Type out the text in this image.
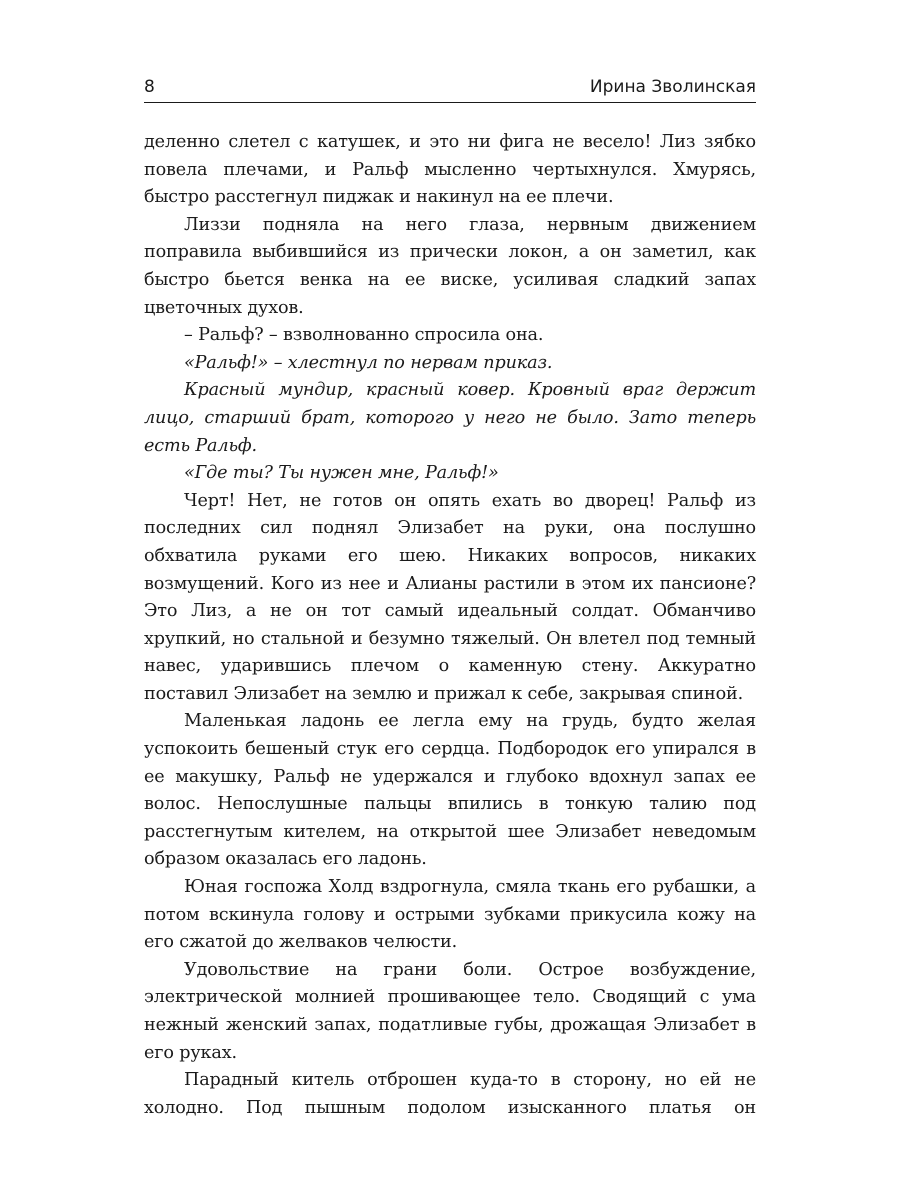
8	Ирина Зволинская

деленно слетел с катушек, и это ни фига не весело! Лиз зябко повела плечами, и Ральф мысленно чертыхнулся. Хмурясь, быстро расстегнул пиджак и накинул на ее плечи.

Лиззи подняла на него глаза, нервным движением поправила выбившийся из прически локон, а он заметил, как быстро бьется венка на ее виске, усиливая сладкий запах цветочных духов.

– Ральф? – взволнованно спросила она.

«Ральф!» – хлестнул по нервам приказ.

Красный мундир, красный ковер. Кровный враг держит лицо, старший брат, которого у него не было. Зато теперь есть Ральф.

«Где ты? Ты нужен мне, Ральф!»

Черт! Нет, не готов он опять ехать во дворец! Ральф из последних сил поднял Элизабет на руки, она послушно обхватила руками его шею. Никаких вопросов, никаких возмущений. Кого из нее и Алианы растили в этом их пансионе? Это Лиз, а не он тот самый идеальный солдат. Обманчиво хрупкий, но стальной и безумно тяжелый. Он влетел под темный навес, ударившись плечом о каменную стену. Аккуратно поставил Элизабет на землю и прижал к себе, закрывая спиной.

Маленькая ладонь ее легла ему на грудь, будто желая успокоить бешеный стук его сердца. Подбородок его упирался в ее макушку, Ральф не удержался и глубоко вдохнул запах ее волос. Непослушные пальцы впились в тонкую талию под расстегнутым кителем, на открытой шее Элизабет неведомым образом оказалась его ладонь.

Юная госпожа Холд вздрогнула, смяла ткань его рубашки, а потом вскинула голову и острыми зубками прикусила кожу на его сжатой до желваков челюсти.

Удовольствие на грани боли. Острое возбуждение, электрической молнией прошивающее тело. Сводящий с ума нежный женский запах, податливые губы, дрожащая Элизабет в его руках.

Парадный китель отброшен куда-то в сторону, но ей не холодно. Под пышным подолом изысканного платья он
